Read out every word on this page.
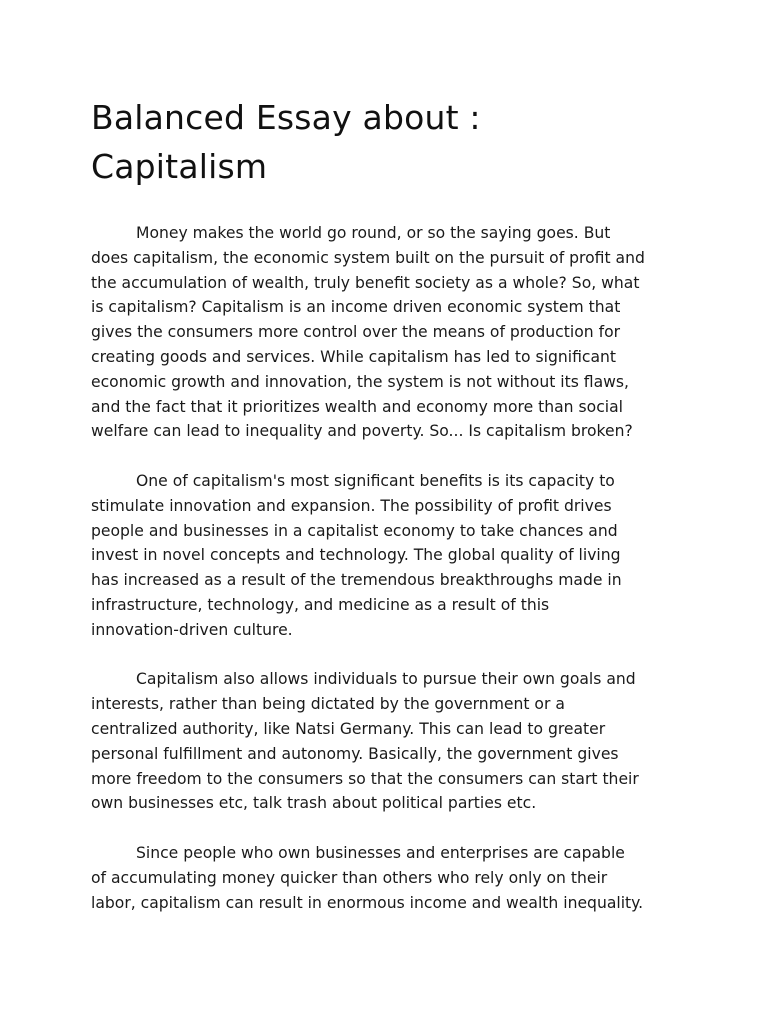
Balanced Essay about :
Capitalism
Money makes the world go round, or so the saying goes. But
does capitalism, the economic system built on the pursuit of profit and
the accumulation of wealth, truly benefit society as a whole? So, what
is capitalism? Capitalism is an income driven economic system that
gives the consumers more control over the means of production for
creating goods and services. While capitalism has led to significant
economic growth and innovation, the system is not without its flaws,
and the fact that it prioritizes wealth and economy more than social
welfare can lead to inequality and poverty. So... Is capitalism broken?
One of capitalism's most significant benefits is its capacity to
stimulate innovation and expansion. The possibility of profit drives
people and businesses in a capitalist economy to take chances and
invest in novel concepts and technology. The global quality of living
has increased as a result of the tremendous breakthroughs made in
infrastructure, technology, and medicine as a result of this
innovation-driven culture.
Capitalism also allows individuals to pursue their own goals and
interests, rather than being dictated by the government or a
centralized authority, like Natsi Germany. This can lead to greater
personal fulfillment and autonomy. Basically, the government gives
more freedom to the consumers so that the consumers can start their
own businesses etc, talk trash about political parties etc.
Since people who own businesses and enterprises are capable
of accumulating money quicker than others who rely only on their
labor, capitalism can result in enormous income and wealth inequality.
